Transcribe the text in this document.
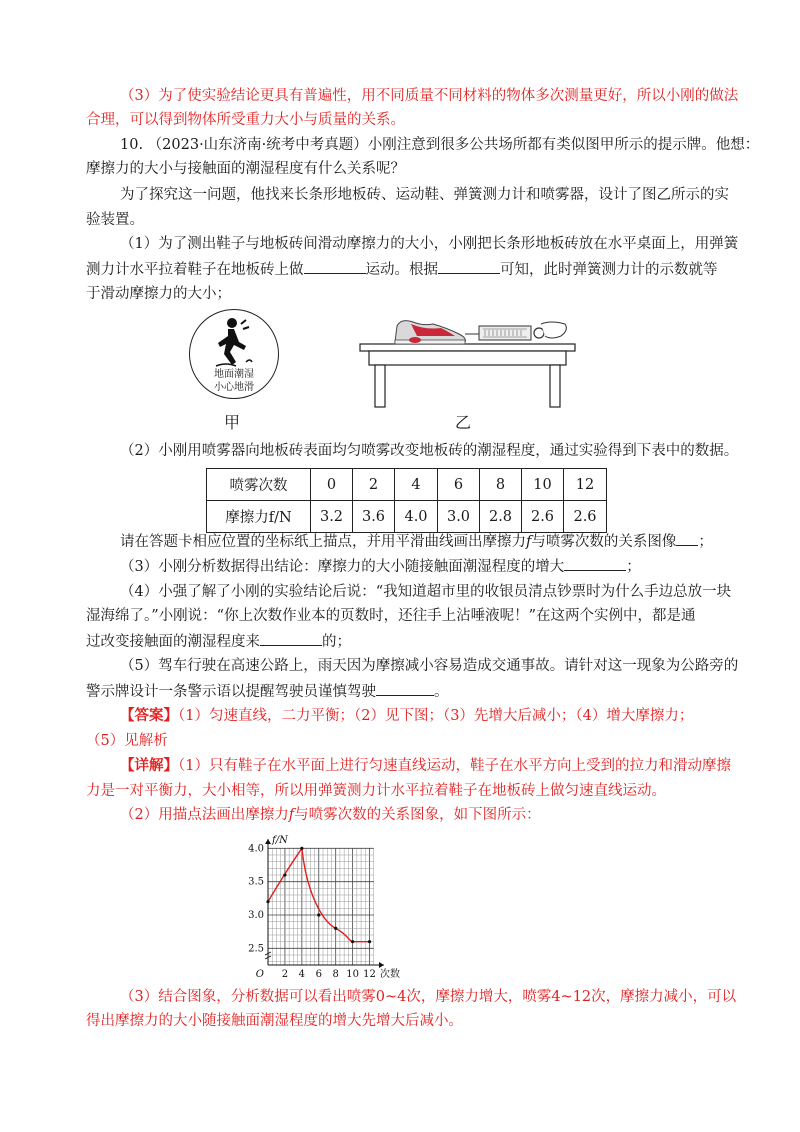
（3）为了使实验结论更具有普遍性，用不同质量不同材料的物体多次测量更好，所以小刚的做法
合理，可以得到物体所受重力大小与质量的关系。
10. （2023·山东济南·统考中考真题）小刚注意到很多公共场所都有类似图甲所示的提示牌。他想：
摩擦力的大小与接触面的潮湿程度有什么关系呢？
为了探究这一问题，他找来长条形地板砖、运动鞋、弹簧测力计和喷雾器，设计了图乙所示的实
验装置。
（1）为了测出鞋子与地板砖间滑动摩擦力的大小，小刚把长条形地板砖放在水平桌面上，用弹簧
测力计水平拉着鞋子在地板砖上做	运动。根据	可知，此时弹簧测力计的示数就等
于滑动摩擦力的大小；
地面潮湿
小心地滑
甲	乙
（2）小刚用喷雾器向地板砖表面均匀喷雾改变地板砖的潮湿程度，通过实验得到下表中的数据。
喷雾次数	0	2	4	6	8	10	12
摩擦力f/N	3.2	3.6	4.0	3.0	2.8	2.6	2.6
请在答题卡相应位置的坐标纸上描点，并用平滑曲线画出摩擦力f与喷雾次数的关系图像 ；
（3）小刚分析数据得出结论：摩擦力的大小随接触面潮湿程度的增大	；
（4）小强了解了小刚的实验结论后说：“我知道超市里的收银员清点钞票时为什么手边总放一块
湿海绵了。”小刚说：“你上次数作业本的页数时，还往手上沾唾液呢！”在这两个实例中，都是通
过改变接触面的潮湿程度来	的；
（5）驾车行驶在高速公路上，雨天因为摩擦减小容易造成交通事故。请针对这一现象为公路旁的
警示牌设计一条警示语以提醒驾驶员谨慎驾驶	。
【答案】（1）匀速直线，二力平衡；（2）见下图；（3）先增大后减小；（4）增大摩擦力；
（5）见解析
【详解】（1）只有鞋子在水平面上进行匀速直线运动，鞋子在水平方向上受到的拉力和滑动摩擦
力是一对平衡力，大小相等，所以用弹簧测力计水平拉着鞋子在地板砖上做匀速直线运动。
（2）用描点法画出摩擦力f与喷雾次数的关系图象，如下图所示：
2 4 6 8 10 12
2.5
3.0
3.5
4.0
O
f/N
次数
（3）结合图象，分析数据可以看出喷雾0~4次，摩擦力增大，喷雾4~12次，摩擦力减小，可以
得出摩擦力的大小随接触面潮湿程度的增大先增大后减小。
